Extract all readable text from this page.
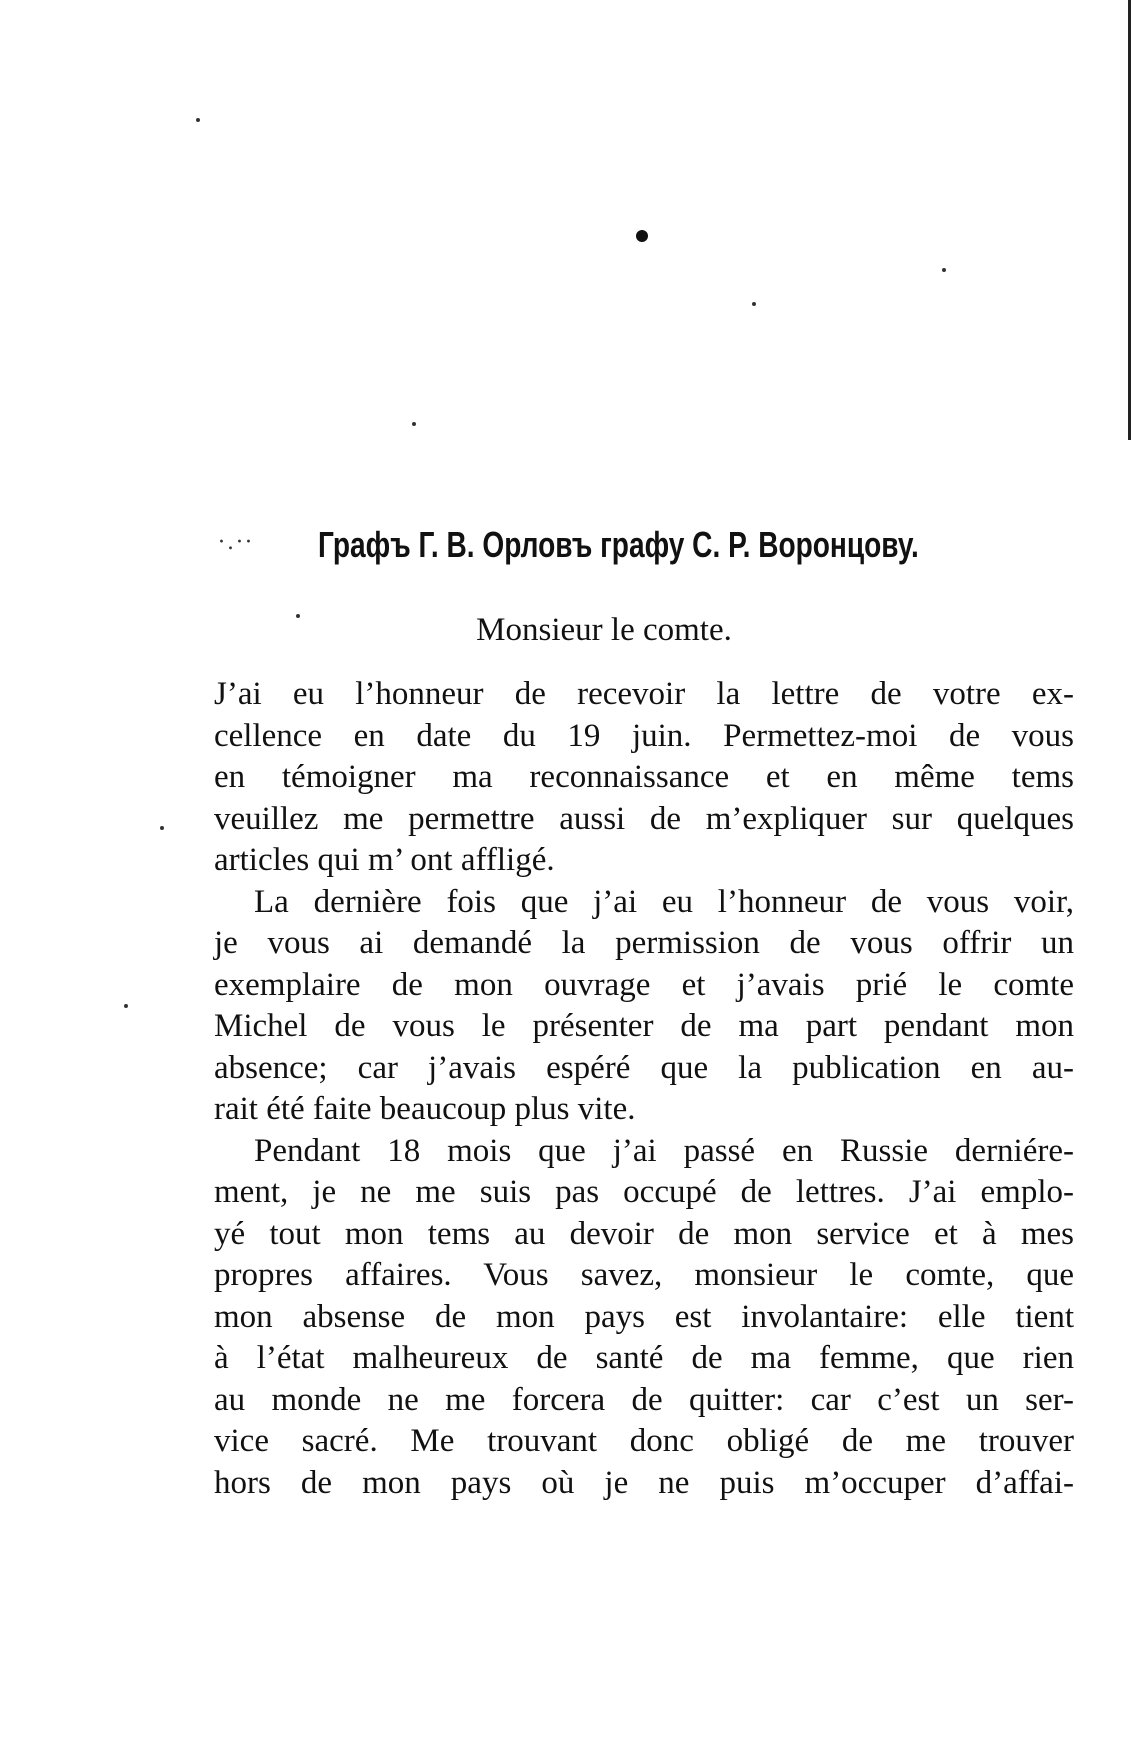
·.·· Графъ Г. В. Орловъ графу С. Р. Воронцову.
Monsieur le comte.
J’ai eu l’honneur de recevoir la lettre de votre ex-
cellence en date du 19 juin. Permettez-moi de vous
en témoigner ma reconnaissance et en même tems
veuillez me permettre aussi de m’expliquer sur quelques
articles qui m’ ont affligé.
La dernière fois que j’ai eu l’honneur de vous voir,
je vous ai demandé la permission de vous offrir un
exemplaire de mon ouvrage et j’avais prié le comte
Michel de vous le présenter de ma part pendant mon
absence; car j’avais espéré que la publication en au-
rait été faite beaucoup plus vite.
Pendant 18 mois que j’ai passé en Russie derniére-
ment, je ne me suis pas occupé de lettres. J’ai emplo-
yé tout mon tems au devoir de mon service et à mes
propres affaires. Vous savez, monsieur le comte, que
mon absense de mon pays est involantaire: elle tient
à l’état malheureux de santé de ma femme, que rien
au monde ne me forcera de quitter: car c’est un ser-
vice sacré. Me trouvant donc obligé de me trouver
hors de mon pays où je ne puis m’occuper d’affai-
